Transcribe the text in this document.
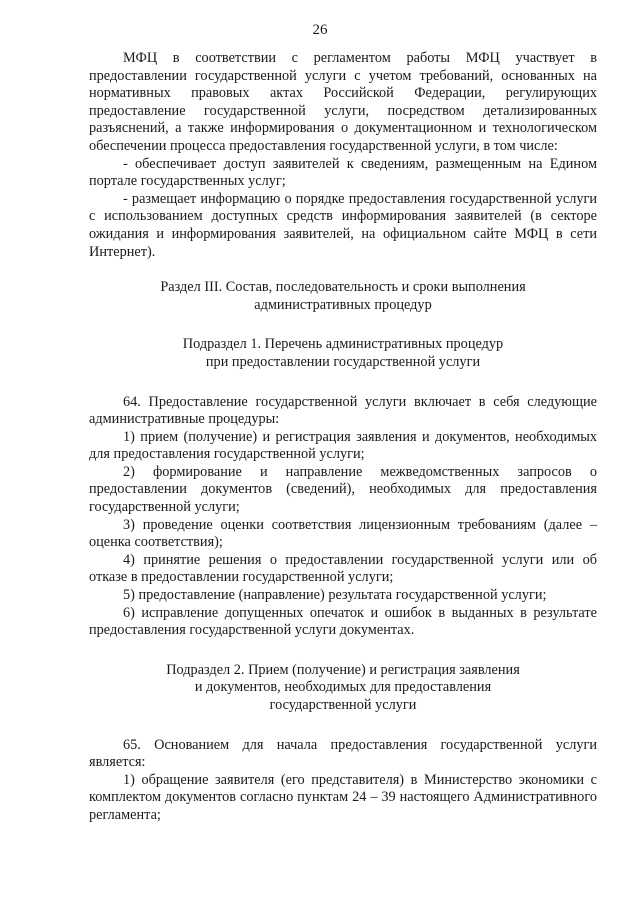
26

МФЦ в соответствии с регламентом работы МФЦ участвует в предоставлении государственной услуги с учетом требований, основанных на нормативных правовых актах Российской Федерации, регулирующих предоставление государственной услуги, посредством детализированных разъяснений, а также информирования о документационном и технологическом обеспечении процесса предоставления государственной услуги, в том числе:

- обеспечивает доступ заявителей к сведениям, размещенным на Едином портале государственных услуг;

- размещает информацию о порядке предоставления государственной услуги с использованием доступных средств информирования заявителей (в секторе ожидания и информирования заявителей, на официальном сайте МФЦ в сети Интернет).

Раздел III. Состав, последовательность и сроки выполнения

административных процедур

Подраздел 1. Перечень административных процедур

при предоставлении государственной услуги

64. Предоставление государственной услуги включает в себя следующие административные процедуры:

1) прием (получение) и регистрация заявления и документов, необходимых для предоставления государственной услуги;

2) формирование и направление межведомственных запросов о предоставлении документов (сведений), необходимых для предоставления государственной услуги;

3) проведение оценки соответствия лицензионным требованиям (далее – оценка соответствия);

4) принятие решения о предоставлении государственной услуги или об отказе в предоставлении государственной услуги;

5) предоставление (направление) результата государственной услуги;

6) исправление допущенных опечаток и ошибок в выданных в результате предоставления государственной услуги документах.

Подраздел 2. Прием (получение) и регистрация заявления

и документов, необходимых для предоставления

государственной услуги

65. Основанием для начала предоставления государственной услуги является:

1) обращение заявителя (его представителя) в Министерство экономики с комплектом документов согласно пунктам 24 – 39 настоящего Административного регламента;
